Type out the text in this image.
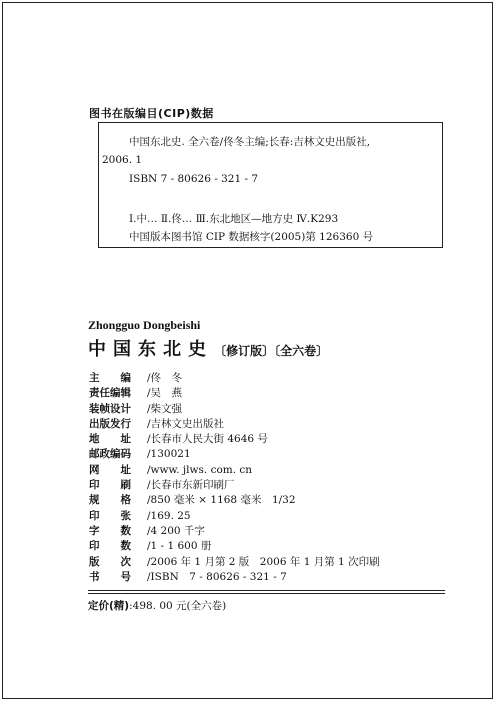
图书在版编目(CIP)数据
中国东北史. 全六卷/佟冬主编;长春:吉林文史出版社,
2006. 1
ISBN 7 - 80626 - 321 - 7
Ⅰ.中… Ⅱ.佟… Ⅲ.东北地区—地方史 Ⅳ.K293
中国版本图书馆 CIP 数据核字(2005)第 126360 号
Zhongguo Dongbeishi
中国东北史 〔修订版〕〔全六卷〕
主　　编	/佟　冬
责任编辑	/吴　燕
装帧设计	/柴文强
出版发行	/吉林文史出版社
地　　址	/长春市人民大街 4646 号
邮政编码	/130021
网　　址	/www. jlws. com. cn
印　　刷	/长春市东新印刷厂
规　　格	/850 毫米 × 1168 毫米　1/32
印　　张	/169. 25
字　　数	/4 200 千字
印　　数	/1 - 1 600 册
版　　次	/2006 年 1 月第 2 版　2006 年 1 月第 1 次印刷
书　　号	/ISBN　7 - 80626 - 321 - 7
定价(精):498. 00 元(全六卷)
